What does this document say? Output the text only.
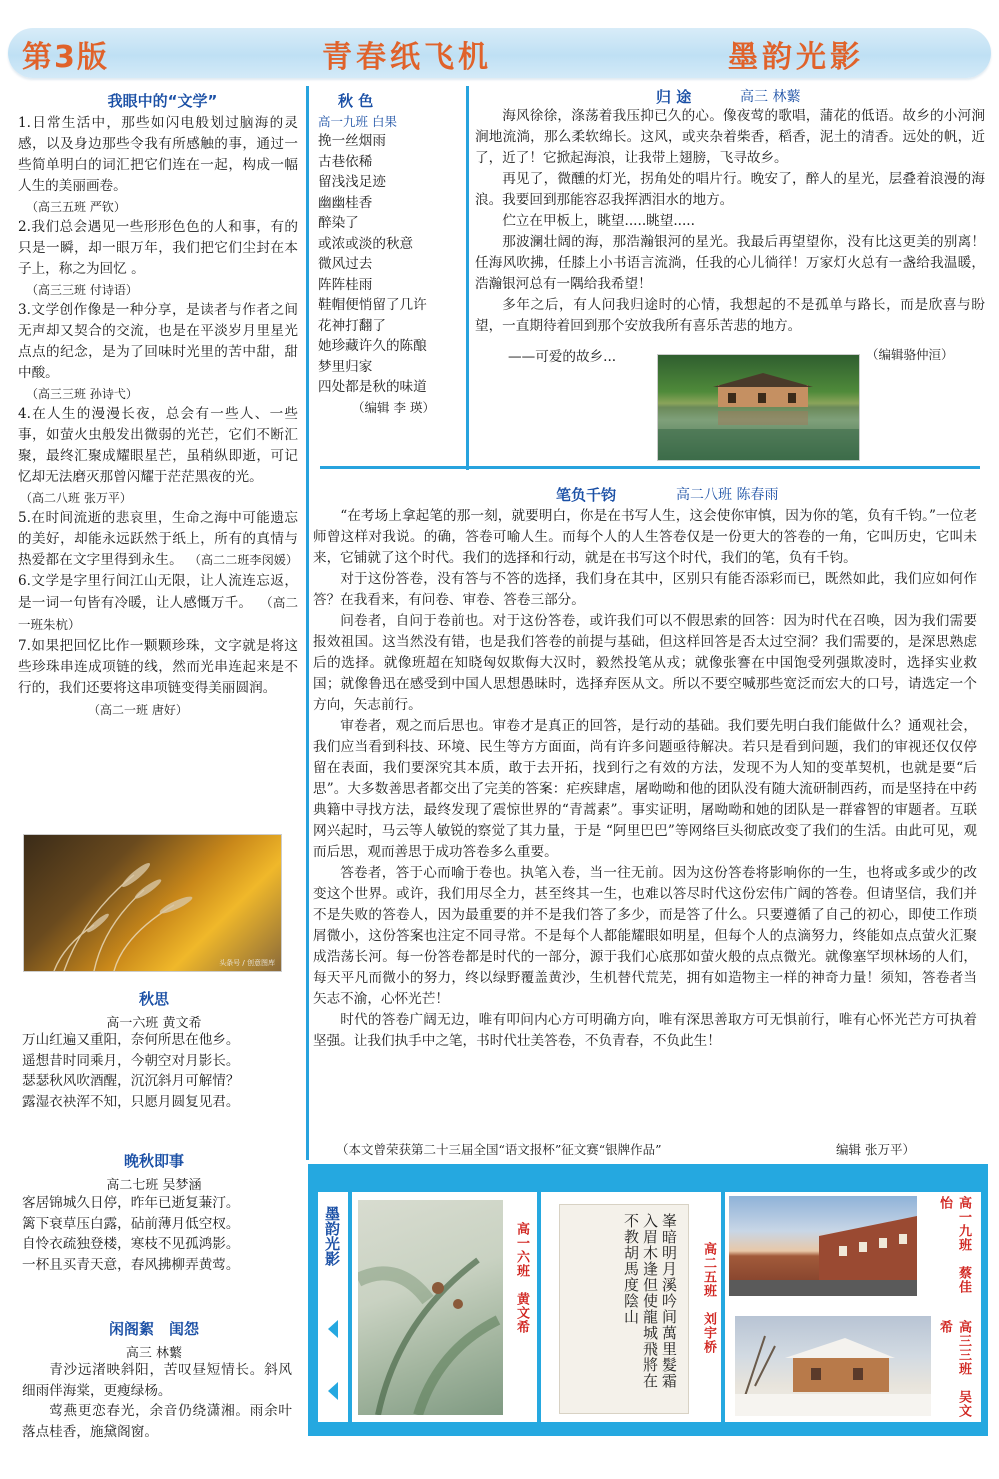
第3版	青春纸飞机	墨韵光影
我眼中的“文学”
1.日常生活中，那些如闪电般划过脑海的灵感，以及身边那些令我有所感触的事，通过一些简单明白的词汇把它们连在一起，构成一幅人生的美丽画卷。
（高三五班 严钦）
2.我们总会遇见一些形形色色的人和事，有的只是一瞬，却一眼万年，我们把它们尘封在本子上，称之为回忆 。
（高三三班 付诗语）
3.文学创作像是一种分享，是读者与作者之间无声却又契合的交流，也是在平淡岁月里星光点点的纪念，是为了回味时光里的苦中甜，甜中酸。
（高三三班 孙诗弋）
4.在人生的漫漫长夜，总会有一些人、一些事，如萤火虫般发出微弱的光芒，它们不断汇聚，最终汇聚成耀眼星芒，虽稍纵即逝，可记忆却无法磨灭那曾闪耀于茫茫黑夜的光。
（高二八班 张万平）
5.在时间流逝的悲哀里，生命之海中可能遗忘的美好，却能永远跃然于纸上，所有的真情与热爱都在文字里得到永生。 （高二二班李闵媛） 6.文学是字里行间江山无限，让人流连忘返，是一词一句皆有冷暖，让人感慨万千。 （高二一班朱杭）
7.如果把回忆比作一颗颗珍珠，文字就是将这些珍珠串连成项链的线，然而光串连起来是不行的，我们还要将这串项链变得美丽圆润。
（高二一班 唐好）
头条号 / 创意图库
秋思
高一六班 黄文希
万山红遍又重阳，奈何所思在他乡。
遥想昔时同乘月，今朝空对月影长。
瑟瑟秋风吹酒醒，沉沉斜月可解情？
露湿衣袂浑不知，只愿月圆复见君。
晚秋即事
高二七班 吴梦涵
客居锦城久日停，昨年已逝复蒹汀。
篱下衰草压白露，砧前薄月低空杈。
自怜衣疏独登楼，寒枝不见孤鸿影。
一杯且买青天意，春风拂柳弄黄莺。
闲阁絮　闺怨
高三 林蘩
青沙远渚映斜阳，苦叹昼短情长。斜风细雨伴海棠，更瘦绿杨。
莺燕更恋春光，余音仍绕潇湘。雨余叶落点桂香，施黛阁窗。
秋 色
高一九班 白果
挽一丝烟雨
古巷依稀
留浅浅足迹
幽幽桂香
醉染了
或浓或淡的秋意
微风过去
阵阵桂雨
鞋帽便悄留了几许
花神打翻了
她珍藏许久的陈酿
梦里归家
四处都是秋的味道
（编辑 李 瑛）
归 途	高三 林蘩
海风徐徐，涤荡着我压抑已久的心。像夜莺的歌唱，蒲花的低语。故乡的小河涧涧地流淌，那么柔软绵长。这风，或夹杂着柴香，稻香，泥土的清香。远处的帆，近了，近了！它掀起海浪，让我带上翅膀，飞寻故乡。
再见了，微醺的灯光，拐角处的唱片行。晚安了，醉人的星光，层叠着浪漫的海浪。我要回到那能容忍我挥洒泪水的地方。
伫立在甲板上，眺望.....眺望.....
那波澜壮阔的海，那浩瀚银河的星光。我最后再望望你，没有比这更美的别离！任海风吹拂，任膝上小书语言流淌，任我的心儿徜徉！万家灯火总有一盏给我温暖，浩瀚银河总有一隅给我希望！
多年之后，有人问我归途时的心情，我想起的不是孤单与路长，而是欣喜与盼望，一直期待着回到那个安放我所有喜乐苦悲的地方。
——可爱的故乡...	（编辑骆仲洹）
笔负千钧	高二八班 陈春雨
“在考场上拿起笔的那一刻，就要明白，你是在书写人生，这会使你审慎，因为你的笔，负有千钧。”一位老师曾这样对我说。的确，答卷可喻人生。而每个人的人生答卷仅是一份更大的答卷的一角，它叫历史，它叫未来，它铺就了这个时代。我们的选择和行动，就是在书写这个时代，我们的笔，负有千钧。
对于这份答卷，没有答与不答的选择，我们身在其中，区别只有能否添彩而已，既然如此，我们应如何作答？在我看来，有问卷、审卷、答卷三部分。
问卷者，自问于卷前也。对于这份答卷，或许我们可以不假思索的回答：因为时代在召唤，因为我们需要报效祖国。这当然没有错，也是我们答卷的前提与基础，但这样回答是否太过空洞？我们需要的，是深思熟虑后的选择。就像班超在知晓匈奴欺侮大汉时，毅然投笔从戎；就像张謇在中国饱受列强欺凌时，选择实业救国；就像鲁迅在感受到中国人思想愚昧时，选择弃医从文。所以不要空喊那些宽泛而宏大的口号，请选定一个方向，矢志前行。
审卷者，观之而后思也。审卷才是真正的回答，是行动的基础。我们要先明白我们能做什么？通观社会，我们应当看到科技、环境、民生等方方面面，尚有许多问题亟待解决。若只是看到问题，我们的审视还仅仅停留在表面，我们要深究其本质，敢于去开拓，找到行之有效的方法，发现不为人知的变革契机，也就是要“后思”。大多数善思者都交出了完美的答案：疟疾肆虐，屠呦呦和他的团队没有随大流研制西药，而是坚持在中药典籍中寻找方法，最终发现了震惊世界的“青蒿素”。事实证明，屠呦呦和她的团队是一群睿智的审题者。互联网兴起时，马云等人敏锐的察觉了其力量，于是 “阿里巴巴”等网络巨头彻底改变了我们的生活。由此可见，观而后思，观而善思于成功答卷多么重要。
答卷者，答于心而喻于卷也。执笔入卷，当一往无前。因为这份答卷将影响你的一生，也将或多或少的改变这个世界。或许，我们用尽全力，甚至终其一生，也难以答尽时代这份宏伟广阔的答卷。但请坚信，我们并不是失败的答卷人，因为最重要的并不是我们答了多少，而是答了什么。只要遵循了自己的初心，即使工作琐屑微小，这份答案也注定不同寻常。不是每个人都能耀眼如明星，但每个人的点滴努力，终能如点点萤火汇聚成浩荡长河。每一份答卷都是时代的一部分，源于我们心底那如萤火般的点点微光。就像塞罕坝林场的人们，每天平凡而微小的努力，终以绿野覆盖黄沙，生机替代荒芜，拥有如造物主一样的神奇力量！须知，答卷者当矢志不渝，心怀光芒！
时代的答卷广阔无边，唯有叩问内心方可明确方向，唯有深思善取方可无惧前行，唯有心怀光芒方可执着坚强。让我们执手中之笔，书时代壮美答卷，不负青春，不负此生！
（本文曾荣获第二十三届全国“语文报杯”征文赛“银牌作品”	编辑 张万平）
墨韵光影	高一六班　黄文希
峯暗明月溪吟间萬里髮霜入眉木逢但使龍城飛將在不教胡馬度陰山	高二五班　刘宇桥	高一九班　蔡佳怡
高三三班　吴文希
